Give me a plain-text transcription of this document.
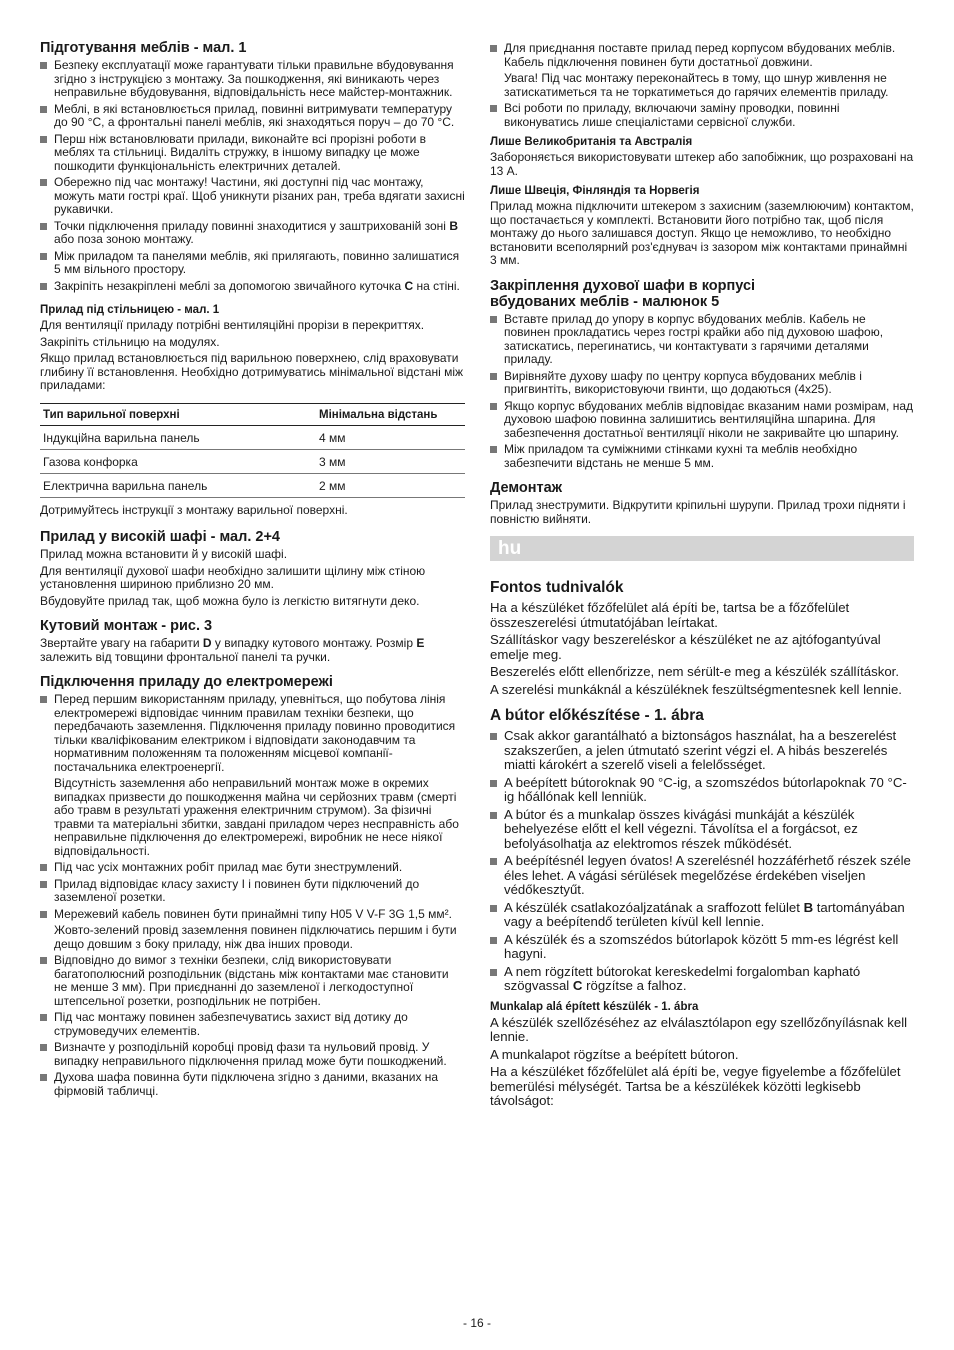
Підготування меблів - мал. 1
Безпеку експлуатації може гарантувати тільки правильне вбудовування згідно з інструкцією з монтажу. За пошкодження, які виникають через неправильне вбудовування, відповідальність несе майстер-монтажник.
Меблі, в які встановлюється прилад, повинні витримувати температуру до 90 °C, а фронтальні панелі меблів, які знаходяться поруч – до 70 °C.
Перш ніж встановлювати прилади, виконайте всі прорізні роботи в меблях та стільниці. Видаліть стружку, в іншому випадку це може пошкодити функціональність електричних деталей.
Обережно під час монтажу! Частини, які доступні під час монтажу, можуть мати гострі краї. Щоб уникнути різаних ран, треба вдягати захисні рукавички.
Точки підключення приладу повинні знаходитися у заштрихованій зоні B або поза зоною монтажу.
Між приладом та панелями меблів, які прилягають, повинно залишатися 5 мм вільного простору.
Закріпіть незакріплені меблі за допомогою звичайного куточка C на стіні.
Прилад під стільницею - мал. 1

Для вентиляції приладу потрібні вентиляційні прорізи в перекриттях.

Закріпіть стільницю на модулях.

Якщо прилад встановлюється під варильною поверхнею, слід враховувати глибину її встановлення. Необхідно дотримуватись мінімальної відстані між приладами:

Тип варильної поверхні	Мінімальна відстань
Індукційна варильна панель	4 мм
Газова конфорка	3 мм
Електрична варильна панель	2 мм

Дотримуйтесь інструкції з монтажу варильної поверхні.

Прилад у високій шафі - мал. 2+4

Прилад можна встановити й у високій шафі.

Для вентиляції духової шафи необхідно залишити щілину між стіною установлення шириною приблизно 20 мм.

Вбудовуйте прилад так, щоб можна було із легкістю витягнути деко.

Кутовий монтаж - рис. 3

Звертайте увагу на габарити D у випадку кутового монтажу. Розмір E залежить від товщини фронтальної панелі та ручки.

Підключення приладу до електромережі
Перед першим використанням приладу, упевніться, що побутова лінія електромережі відповідає чинним правилам техніки безпеки, що передбачають заземлення. Підключення приладу повинно проводитися тільки кваліфікованим електриком і відповідати законодавчим та нормативним положенням та положенням місцевої компанії-постачальника електроенергії.
Відсутність заземлення або неправильний монтаж може в окремих випадках призвести до пошкодження майна чи серйозних травм (смерті або травм в результаті ураження електричним струмом). За фізичні травми та матеріальні збитки, завдані приладом через несправність або неправильне підключення до електромережі, виробник не несе ніякої відповідальності.
Під час усіх монтажних робіт прилад має бути знеструмлений.
Прилад відповідає класу захисту I і повинен бути підключений до заземленої розетки.
Мережевий кабель повинен бути принаймні типу H05 V V-F 3G 1,5 мм².
Жовто-зелений провід заземлення повинен підключатись першим і бути дещо довшим з боку приладу, ніж два інших проводи.
Відповідно до вимог з техніки безпеки, слід використовувати багатополюсний розподільник (відстань між контактами має становити не менше 3 мм). При приєднанні до заземленої і легкодоступної штепсельної розетки, розподільник не потрібен.
Під час монтажу повинен забезпечуватись захист від дотику до струмоведучих елементів.
Визначте у розподільній коробці провід фази та нульовий провід. У випадку неправильного підключення прилад може бути пошкоджений.
Духова шафа повинна бути підключена згідно з даними, вказаних на фірмовій табличці.
Для приєднання поставте прилад перед корпусом вбудованих меблів. Кабель підключення повинен бути достатньої довжини.
Увага! Під час монтажу переконайтесь в тому, що шнур живлення не затискатиметься та не торкатиметься до гарячих елементів приладу.
Всі роботи по приладу, включаючи заміну проводки, повинні виконуватись лише спеціалістами сервісної служби.
Лише Великобританія та Австралія

Забороняється використовувати штекер або запобіжник, що розраховані на 13 А.

Лише Швеція, Фінляндія та Норвегія

Прилад можна підключити штекером з захисним (заземлюючим) контактом, що постачається у комплекті. Встановити його потрібно так, щоб після монтажу до нього залишався доступ. Якщо це неможливо, то необхідно встановити всеполярний роз'єднувач із зазором між контактами принаймні 3 мм.

Закріплення духової шафи в корпусі вбудованих меблів - малюнок 5
Вставте прилад до упору в корпус вбудованих меблів. Кабель не повинен прокладатись через гострі крайки або під духовою шафою, затискатись, перегинатись, чи контактувати з гарячими деталями приладу.
Вирівняйте духову шафу по центру корпуса вбудованих меблів і пригвинтіть, використовуючи гвинти, що додаються (4x25).
Якщо корпус вбудованих меблів відповідає вказаним нами розмірам, над духовою шафою повинна залишитись вентиляційна шпарина. Для забезпечення достатньої вентиляції ніколи не закривайте цю шпарину.
Між приладом та суміжними стінками кухні та меблів необхідно забезпечити відстань не менше 5 мм.
Демонтаж

Прилад знеструмити. Відкрутити кріпильні шурупи. Прилад трохи підняти і повністю вийняти.

hu
Fontos tudnivalók

Ha a készüléket főzőfelület alá építi be, tartsa be a főzőfelület összeszerelési útmutatójában leírtakat.

Szállításkor vagy beszereléskor a készüléket ne az ajtófogantyúval emelje meg.

Beszerelés előtt ellenőrizze, nem sérült-e meg a készülék szállításkor.

A szerelési munkáknál a készüléknek feszültségmentesnek kell lennie.

A bútor előkészítése - 1. ábra
Csak akkor garantálható a biztonságos használat, ha a beszerelést szakszerűen, a jelen útmutató szerint végzi el. A hibás beszerelés miatti károkért a szerelő viseli a felelősséget.
A beépített bútoroknak 90 °C-ig, a szomszédos bútorlapoknak 70 °C-ig hőállónak kell lenniük.
A bútor és a munkalap összes kivágási munkáját a készülék behelyezése előtt el kell végezni. Távolítsa el a forgácsot, ez befolyásolhatja az elektromos részek működését.
A beépítésnél legyen óvatos! A szerelésnél hozzáférhető részek széle éles lehet. A vágási sérülések megelőzése érdekében viseljen védőkesztyűt.
A készülék csatlakozóaljzatának a sraffozott felület B tartományában vagy a beépítendő területen kívül kell lennie.
A készülék és a szomszédos bútorlapok között 5 mm-es légrést kell hagyni.
A nem rögzített bútorokat kereskedelmi forgalomban kapható szögvassal C rögzítse a falhoz.
Munkalap alá épített készülék - 1. ábra

A készülék szellőzéséhez az elválasztólapon egy szellőzőnyílásnak kell lennie.

A munkalapot rögzítse a beépített bútoron.

Ha a készüléket főzőfelület alá építi be, vegye figyelembe a főzőfelület bemerülési mélységét. Tartsa be a készülékek közötti legkisebb távolságot:

- 16 -
